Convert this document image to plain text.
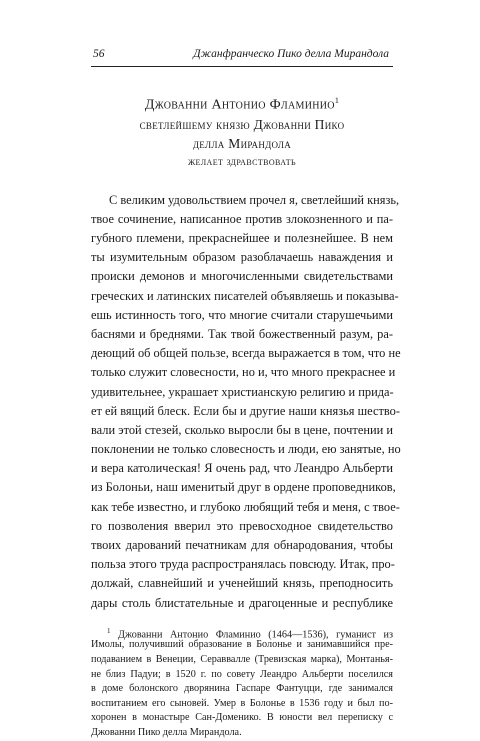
56	Джанфранческо Пико делла Мирандола
Джованни Антонио Фламинио$^1$
светлейшему князю Джованни Пико
делла Мирандола
желает здравствовать
С великим удовольствием прочел я, светлейший князь,
твое сочинение, написанное против злокозненного и па-
губного племени, прекраснейшее и полезнейшее. В нем
ты изумительным образом разоблачаешь наваждения и
происки демонов и многочисленными свидетельствами
греческих и латинских писателей объявляешь и показыва-
ешь истинность того, что многие считали старушечьими
баснями и бреднями. Так твой божественный разум, ра-
деющий об общей пользе, всегда выражается в том, что не
только служит словесности, но и, что много прекраснее и
удивительнее, украшает христианскую религию и прида-
ет ей вящий блеск. Если бы и другие наши князья шество-
вали этой стезей, сколько выросли бы в цене, почтении и
поклонении не только словесность и люди, ею занятые, но
и вера католическая! Я очень рад, что Леандро Альберти
из Болоньи, наш именитый друг в ордене проповедников,
как тебе известно, и глубоко любящий тебя и меня, с твое-
го позволения вверил это превосходное свидетельство
твоих дарований печатникам для обнародования, чтобы
польза этого труда распространялась повсюду. Итак, про-
должай, славнейший и ученейший князь, преподносить
дары столь блистательные и драгоценные и республике
$^1$ Джованни Антонио Фламинио (1464—1536), гуманист из
Имолы, получивший образование в Болонье и занимавшийся пре-
подаванием в Венеции, Сераввалле (Тревизская марка), Монтанья-
не близ Падуи; в 1520 г. по совету Леандро Альберти поселился
в доме болонского дворянина Гаспаре Фантуцци, где занимался
воспитанием его сыновей. Умер в Болонье в 1536 году и был по-
хоронен в монастыре Сан-Доменико. В юности вел переписку с
Джованни Пико делла Мирандола.
